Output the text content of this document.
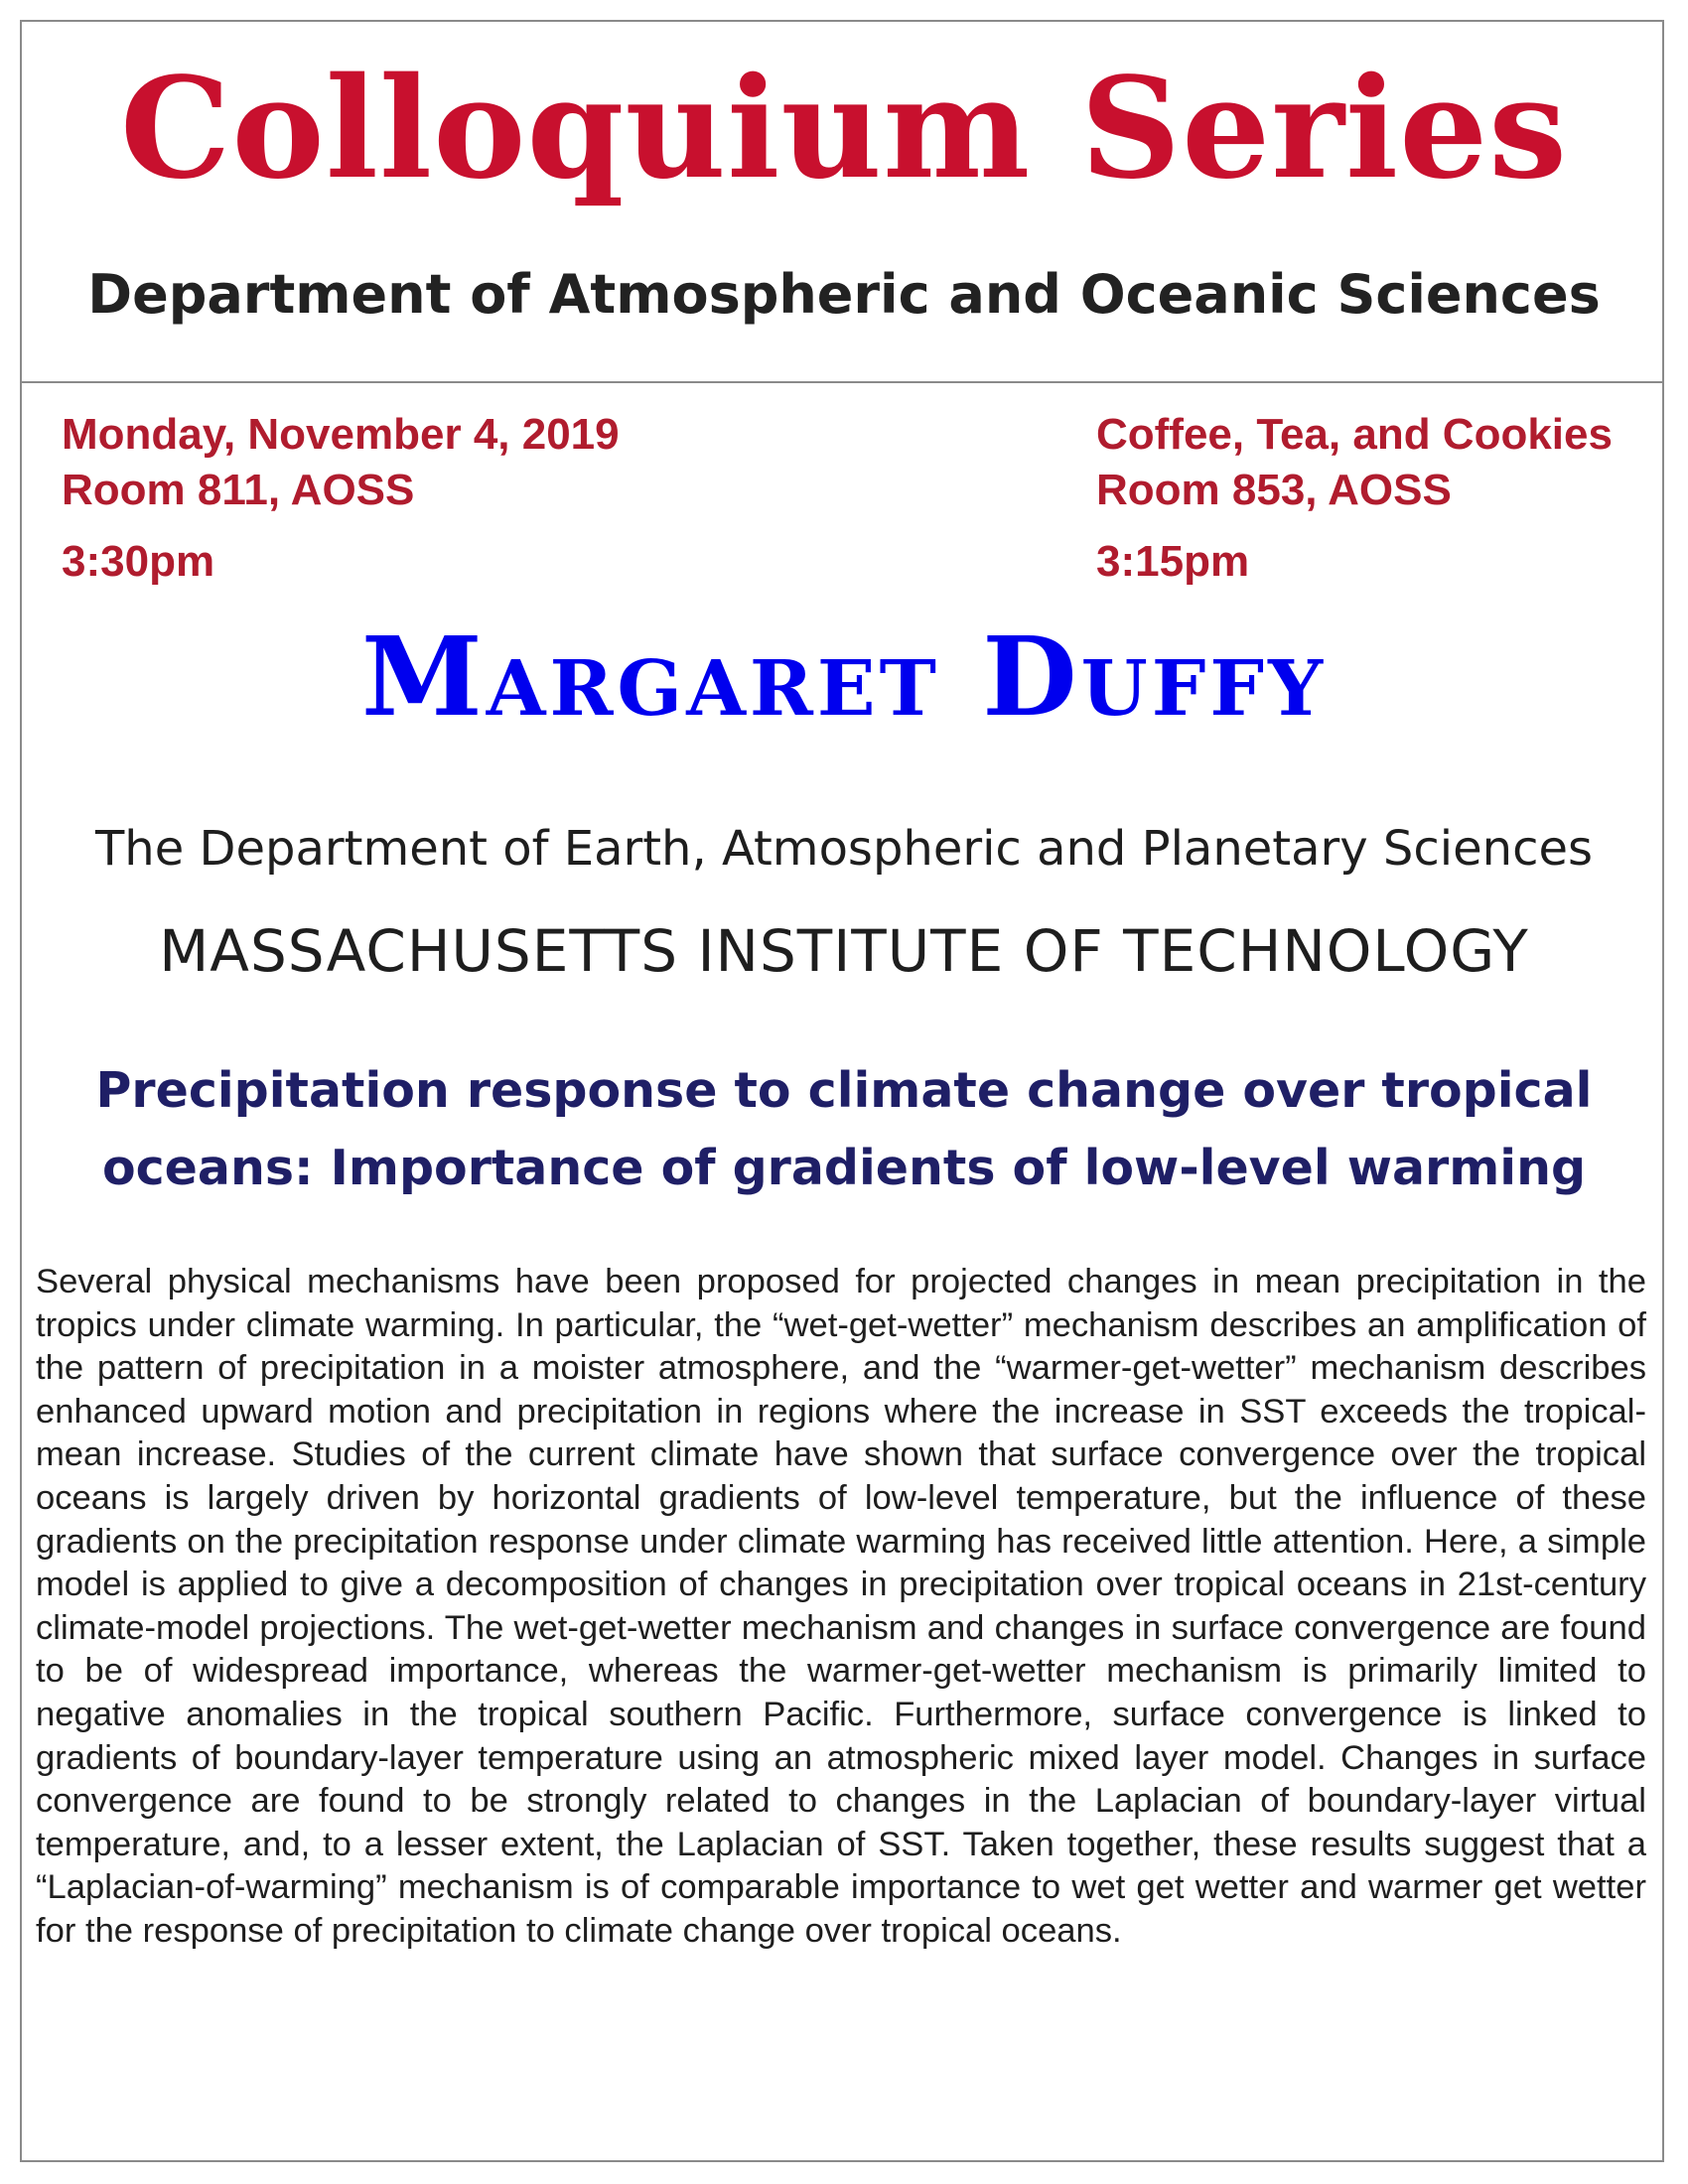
Colloquium Series
Department of Atmospheric and Oceanic Sciences
Monday, November 4, 2019
Room 811, AOSS
3:30pm
Coffee, Tea, and Cookies
Room 853, AOSS
3:15pm
Margaret Duffy
The Department of Earth, Atmospheric and Planetary Sciences
MASSACHUSETTS INSTITUTE OF TECHNOLOGY
Precipitation response to climate change over tropical oceans: Importance of gradients of low-level warming

Several physical mechanisms have been proposed for projected changes in mean precipitation in the tropics under climate warming. In particular, the “wet-get-wetter” mechanism describes an amplification of the pattern of precipitation in a moister atmosphere, and the “warmer-get-wetter” mechanism describes enhanced upward motion and precipitation in regions where the increase in SST exceeds the tropical-mean increase. Studies of the current climate have shown that surface convergence over the tropical oceans is largely driven by horizontal gradients of low-level temperature, but the influence of these gradients on the precipitation response under climate warming has received little attention. Here, a simple model is applied to give a decomposition of changes in precipitation over tropical oceans in 21st-century climate-model projections. The wet-get-wetter mechanism and changes in surface convergence are found to be of widespread importance, whereas the warmer-get-wetter mechanism is primarily limited to negative anomalies in the tropical southern Pacific. Furthermore, surface convergence is linked to gradients of boundary-layer temperature using an atmospheric mixed layer model. Changes in surface convergence are found to be strongly related to changes in the Laplacian of boundary-layer virtual temperature, and, to a lesser extent, the Laplacian of SST. Taken together, these results suggest that a “Laplacian-of-warming” mechanism is of comparable importance to wet get wetter and warmer get wetter for the response of precipitation to climate change over tropical oceans.
